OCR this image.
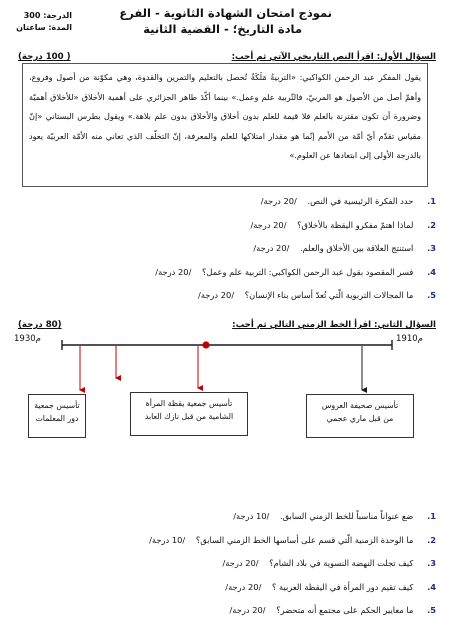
نموذج امتحان الشهادة الثانوية - الفرع
مادة التاريخ؛ - القضية الثانية
الدرجة: 300
المدة: ساعتان
السؤال الأول: اقرأ النص التاريخي الآتي ثم أجب:
( 100 درجة)
يقول المفكر عبد الرحمن الكواكبي: «التربيةُ مَلَكَةٌ تُحصل بالتعليم والتمرين والقدوة، وهي مكوّنة من أصول وفروع، وأهمّ أصل من الأصول هو المربيّ، فالتّربية علم وعمل.» بينما أكّدَ طاهر الجزائري على أهمية الأخلاق «للأخلاق أهميّة وضرورة أن تكون مقترنة بالعلم فلا قيمة للعلم بدون أخلاق والأخلاق بدون علم بلاهة.» ويقول بطرس البستاني «إنّ مقياس تقدّم أيّ أمّة من الأمم إنّما هو مقدار امتلاكها للعلم والمعرفة، إنّ التخلّف الذي تعاني منه الأمّة العربيّة يعود بالدرجة الأولى إلى ابتعادها عن العلوم.»
1. حدد الفكرة الرئيسية في النص. /20 درجة/
2. لماذا اهتمّ مفكرو اليقظة بالأخلاق؟ /20 درجة/
3. استنتج العلاقة بين الأخلاق والعلم. /20 درجة/
4. فسر المقصود بقول عبد الرحمن الكواكبي: التربية علم وعمل؟ /20 درجة/
5. ما المجالات التربوية الّتي تُعدّ أساس بناء الإنسان؟ /20 درجة/
السؤال الثاني: اقرأ الخط الزمني التالي ثم أجب:
(80 درجة)
1910م
1930م
تأسيس صحيفة العروس
من قبل ماري عجمي
تأسيس جمعية يقظة المرأة
الشامية من قبل نازك العابد
تأسيس جمعية
دور المعلمات
1. ضع عنواناً مناسباً للخط الزمني السابق. /10 درجة/
2. ما الوحدة الزمنية الّتي قسم على أساسها الخط الزمني السابق؟ /10 درجة/
3. كيف تجلت النهضة النسوية في بلاد الشام؟ /20 درجة/
4. كيف تقيم دور المرأة في اليقظة العربية ؟ /20 درجة/
5. ما معايير الحكم على مجتمع أنه متحضر؟ /20 درجة/
